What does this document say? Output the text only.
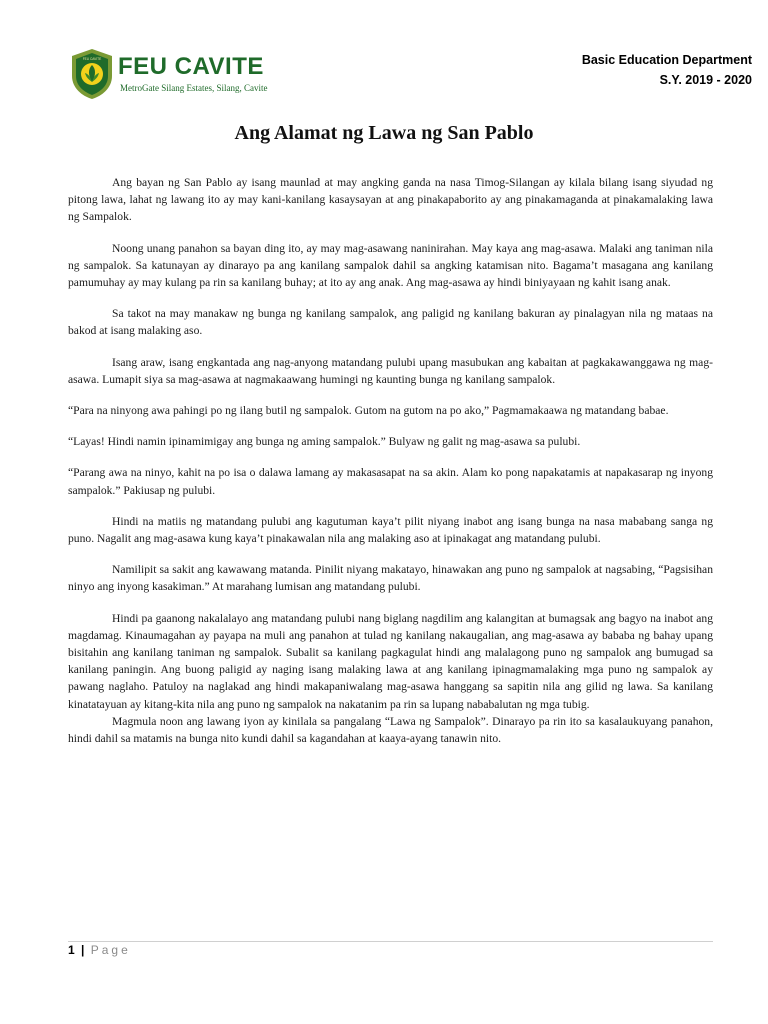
FEU CAVITE FEU CAVITE

MetroGate Silang Estates, Silang, Cavite

Basic Education Department
S.Y. 2019 - 2020
Ang Alamat ng Lawa ng San Pablo

Ang bayan ng San Pablo ay isang maunlad at may angking ganda na nasa Timog-Silangan ay kilala bilang isang siyudad ng pitong lawa, lahat ng lawang ito ay may kani-kanilang kasaysayan at ang pinakapaborito ay ang pinakamaganda at pinakamalaking lawa ng Sampalok.

Noong unang panahon sa bayan ding ito, ay may mag-asawang naninirahan. May kaya ang mag-asawa. Malaki ang taniman nila ng sampalok. Sa katunayan ay dinarayo pa ang kanilang sampalok dahil sa angking katamisan nito. Bagama’t masagana ang kanilang pamumuhay ay may kulang pa rin sa kanilang buhay; at ito ay ang anak. Ang mag-asawa ay hindi biniyayaan ng kahit isang anak.

Sa takot na may manakaw ng bunga ng kanilang sampalok, ang paligid ng kanilang bakuran ay pinalagyan nila ng mataas na bakod at isang malaking aso.

Isang araw, isang engkantada ang nag-anyong matandang pulubi upang masubukan ang kabaitan at pagkakawanggawa ng mag-asawa. Lumapit siya sa mag-asawa at nagmakaawang humingi ng kaunting bunga ng kanilang sampalok.

“Para na ninyong awa pahingi po ng ilang butil ng sampalok. Gutom na gutom na po ako,” Pagmamakaawa ng matandang babae.

“Layas! Hindi namin ipinamimigay ang bunga ng aming sampalok.” Bulyaw ng galit ng mag-asawa sa pulubi.

“Parang awa na ninyo, kahit na po isa o dalawa lamang ay makasasapat na sa akin. Alam ko pong napakatamis at napakasarap ng inyong sampalok.” Pakiusap ng pulubi.

Hindi na matiis ng matandang pulubi ang kagutuman kaya’t pilit niyang inabot ang isang bunga na nasa mababang sanga ng puno. Nagalit ang mag-asawa kung kaya’t pinakawalan nila ang malaking aso at ipinakagat ang matandang pulubi.

Namilipit sa sakit ang kawawang matanda. Pinilit niyang makatayo, hinawakan ang puno ng sampalok at nagsabing, “Pagsisihan ninyo ang inyong kasakiman.” At marahang lumisan ang matandang pulubi.

Hindi pa gaanong nakalalayo ang matandang pulubi nang biglang nagdilim ang kalangitan at bumagsak ang bagyo na inabot ang magdamag. Kinaumagahan ay payapa na muli ang panahon at tulad ng kanilang nakaugalian, ang mag-asawa ay bababa ng bahay upang bisitahin ang kanilang taniman ng sampalok. Subalit sa kanilang pagkagulat hindi ang malalagong puno ng sampalok ang bumugad sa kanilang paningin. Ang buong paligid ay naging isang malaking lawa at ang kanilang ipinagmamalaking mga puno ng sampalok ay pawang naglaho. Patuloy na naglakad ang hindi makapaniwalang mag-asawa hanggang sa sapitin nila ang gilid ng lawa. Sa kanilang kinatatayuan ay kitang-kita nila ang puno ng sampalok na nakatanim pa rin sa lupang nababalutan ng mga tubig.

Magmula noon ang lawang iyon ay kinilala sa pangalang “Lawa ng Sampalok”. Dinarayo pa rin ito sa kasalaukuyang panahon, hindi dahil sa matamis na bunga nito kundi dahil sa kagandahan at kaaya-ayang tanawin nito.

1 | Page
